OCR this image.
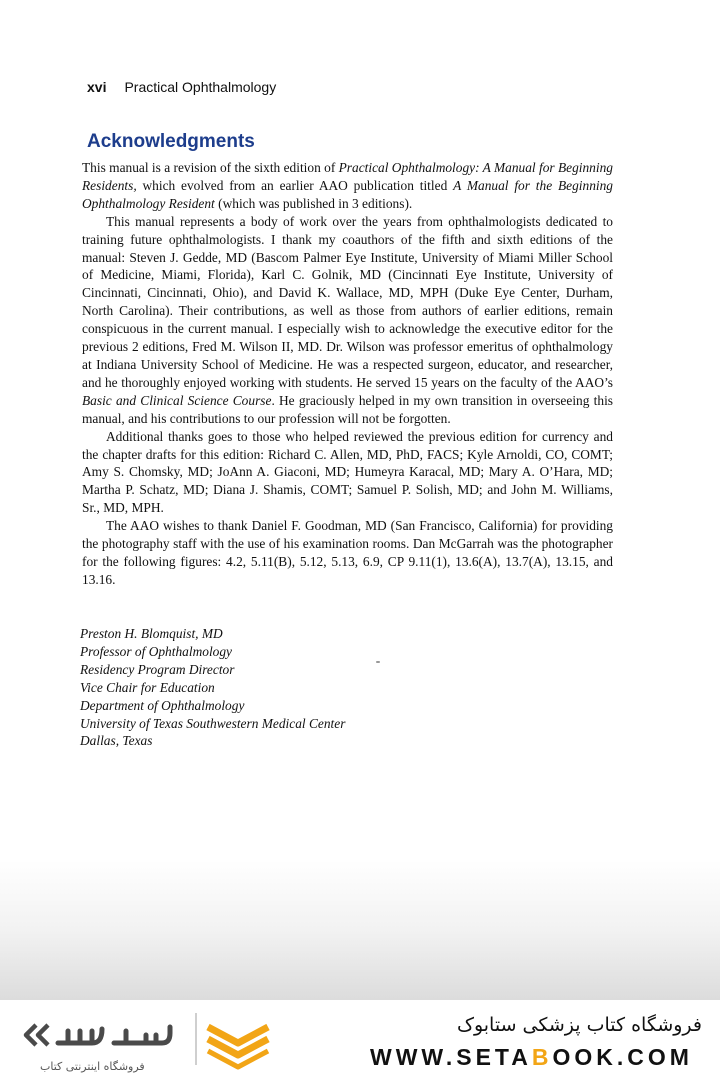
xvi Practical Ophthalmology
Acknowledgments

This manual is a revision of the sixth edition of Practical Ophthalmology: A Manual for Beginning Residents, which evolved from an earlier AAO publication titled A Manual for the Beginning Ophthalmology Resident (which was published in 3 editions).

This manual represents a body of work over the years from ophthalmologists dedicated to training future ophthalmologists. I thank my coauthors of the fifth and sixth editions of the manual: Steven J. Gedde, MD (Bascom Palmer Eye Institute, University of Miami Miller School of Medicine, Miami, Florida), Karl C. Golnik, MD (Cincinnati Eye Institute, University of Cincinnati, Cincinnati, Ohio), and David K. Wallace, MD, MPH (Duke Eye Center, Durham, North Carolina). Their contributions, as well as those from authors of earlier editions, remain conspicuous in the current manual. I especially wish to acknowledge the executive editor for the previous 2 editions, Fred M. Wilson II, MD. Dr. Wilson was professor emeritus of ophthalmology at Indiana University School of Medicine. He was a respected surgeon, educator, and researcher, and he thoroughly enjoyed working with students. He served 15 years on the faculty of the AAO’s Basic and Clinical Science Course. He graciously helped in my own transition in overseeing this manual, and his contributions to our profession will not be forgotten.

Additional thanks goes to those who helped reviewed the previous edition for currency and the chapter drafts for this edition: Richard C. Allen, MD, PhD, FACS; Kyle Arnoldi, CO, COMT; Amy S. Chomsky, MD; JoAnn A. Giaconi, MD; Humeyra Karacal, MD; Mary A. O’Hara, MD; Martha P. Schatz, MD; Diana J. Shamis, COMT; Samuel P. Solish, MD; and John M. Williams, Sr., MD, MPH.

The AAO wishes to thank Daniel F. Goodman, MD (San Francisco, California) for providing the photography staff with the use of his examination rooms. Dan McGarrah was the photographer for the following figures: 4.2, 5.11(B), 5.12, 5.13, 6.9, CP 9.11(1), 13.6(A), 13.7(A), 13.15, and 13.16.

Preston H. Blomquist, MD
Professor of Ophthalmology
Residency Program Director
Vice Chair for Education
Department of Ophthalmology
University of Texas Southwestern Medical Center
Dallas, Texas
فروشگاه اینترنتی کتاب
فروشگاه کتاب پزشکی ستابوک
WWW.SETABOOK.COM
